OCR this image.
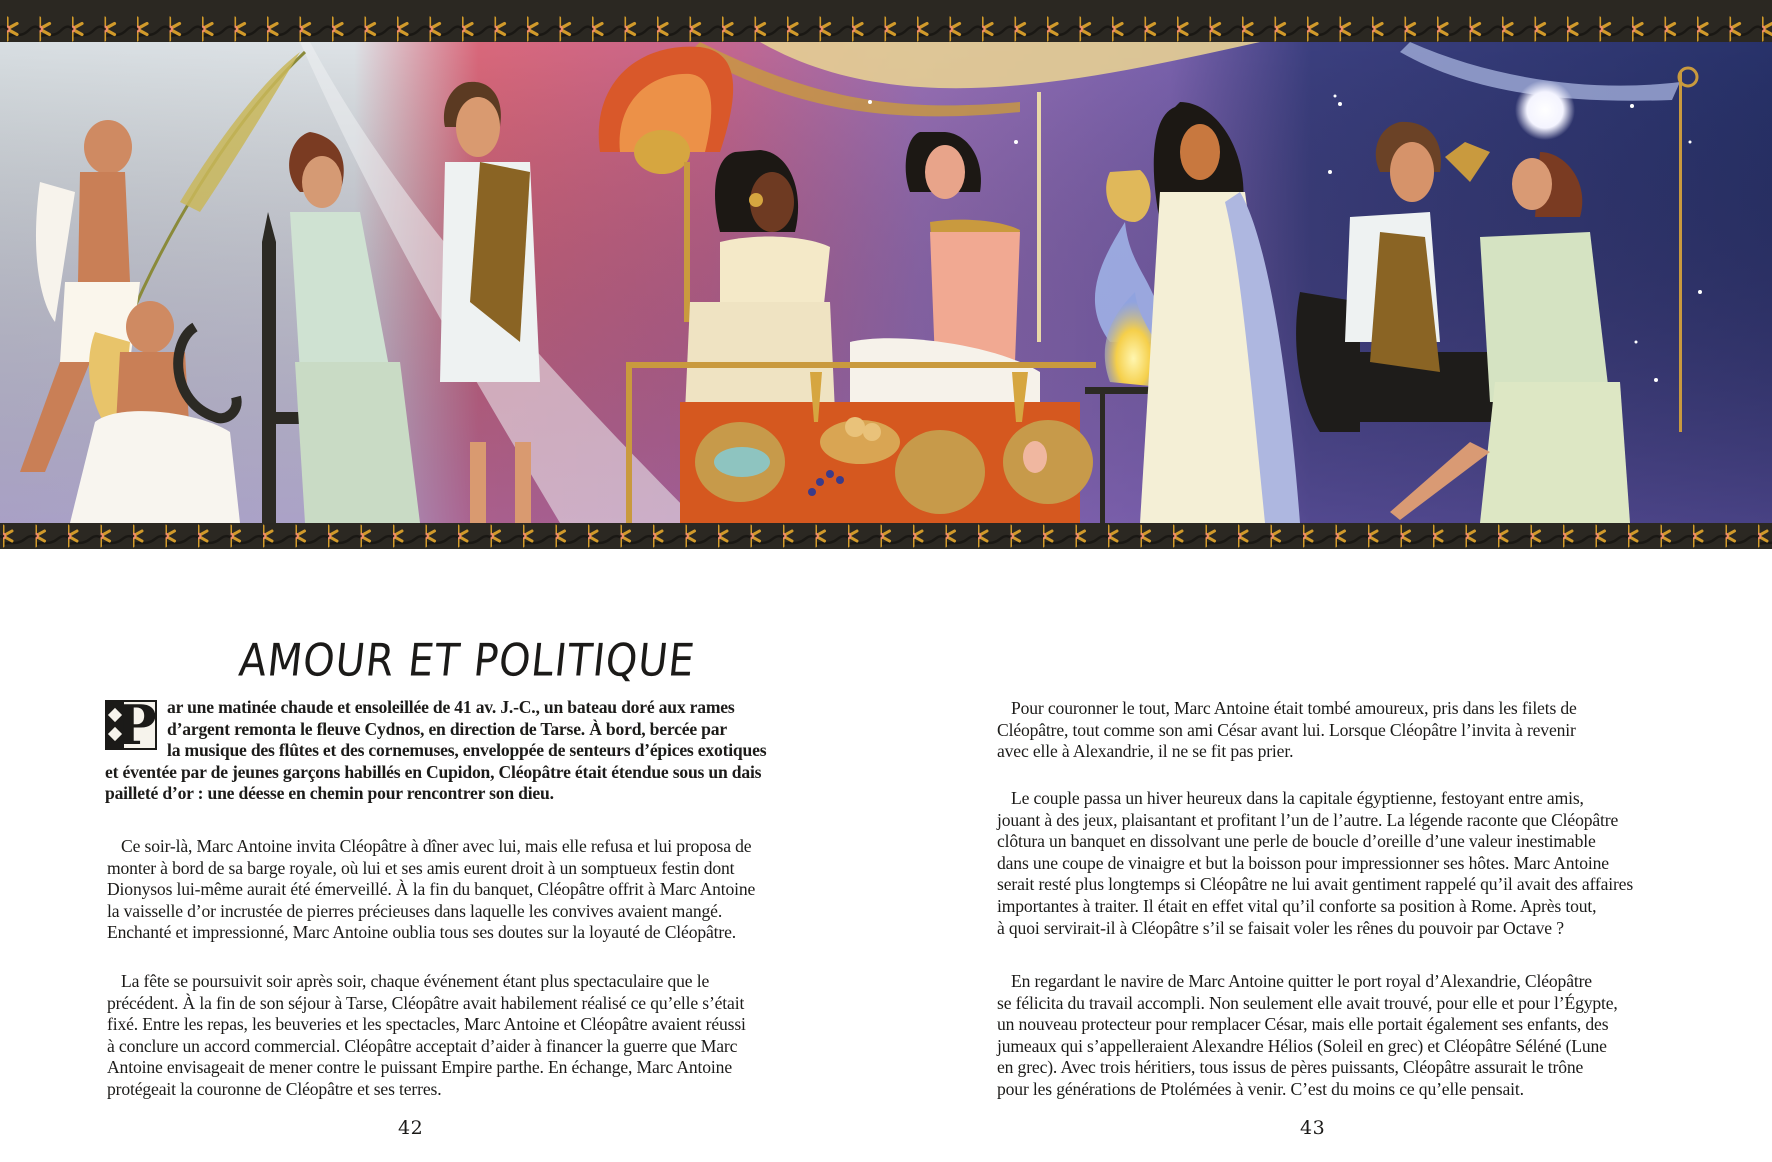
AMOUR ET POLITIQUE
P ar une matinée chaude et ensoleillée de 41 av. J.-C., un bateau doré aux rames
d’argent remonta le fleuve Cydnos, en direction de Tarse. À bord, bercée par
la musique des flûtes et des cornemuses, enveloppée de senteurs d’épices exotiques
et éventée par de jeunes garçons habillés en Cupidon, Cléopâtre était étendue sous un dais
pailleté d’or : une déesse en chemin pour rencontrer son dieu.
Ce soir-là, Marc Antoine invita Cléopâtre à dîner avec lui, mais elle refusa et lui proposa de
monter à bord de sa barge royale, où lui et ses amis eurent droit à un somptueux festin dont
Dionysos lui-même aurait été émerveillé. À la fin du banquet, Cléopâtre offrit à Marc Antoine
la vaisselle d’or incrustée de pierres précieuses dans laquelle les convives avaient mangé.
Enchanté et impressionné, Marc Antoine oublia tous ses doutes sur la loyauté de Cléopâtre.
La fête se poursuivit soir après soir, chaque événement étant plus spectaculaire que le
précédent. À la fin de son séjour à Tarse, Cléopâtre avait habilement réalisé ce qu’elle s’était
fixé. Entre les repas, les beuveries et les spectacles, Marc Antoine et Cléopâtre avaient réussi
à conclure un accord commercial. Cléopâtre acceptait d’aider à financer la guerre que Marc
Antoine envisageait de mener contre le puissant Empire parthe. En échange, Marc Antoine
protégeait la couronne de Cléopâtre et ses terres.
42
Pour couronner le tout, Marc Antoine était tombé amoureux, pris dans les filets de
Cléopâtre, tout comme son ami César avant lui. Lorsque Cléopâtre l’invita à revenir
avec elle à Alexandrie, il ne se fit pas prier.
Le couple passa un hiver heureux dans la capitale égyptienne, festoyant entre amis,
jouant à des jeux, plaisantant et profitant l’un de l’autre. La légende raconte que Cléopâtre
clôtura un banquet en dissolvant une perle de boucle d’oreille d’une valeur inestimable
dans une coupe de vinaigre et but la boisson pour impressionner ses hôtes. Marc Antoine
serait resté plus longtemps si Cléopâtre ne lui avait gentiment rappelé qu’il avait des affaires
importantes à traiter. Il était en effet vital qu’il conforte sa position à Rome. Après tout,
à quoi servirait-il à Cléopâtre s’il se faisait voler les rênes du pouvoir par Octave ?
En regardant le navire de Marc Antoine quitter le port royal d’Alexandrie, Cléopâtre
se félicita du travail accompli. Non seulement elle avait trouvé, pour elle et pour l’Égypte,
un nouveau protecteur pour remplacer César, mais elle portait également ses enfants, des
jumeaux qui s’appelleraient Alexandre Hélios (Soleil en grec) et Cléopâtre Séléné (Lune
en grec). Avec trois héritiers, tous issus de pères puissants, Cléopâtre assurait le trône
pour les générations de Ptolémées à venir. C’est du moins ce qu’elle pensait.
43
